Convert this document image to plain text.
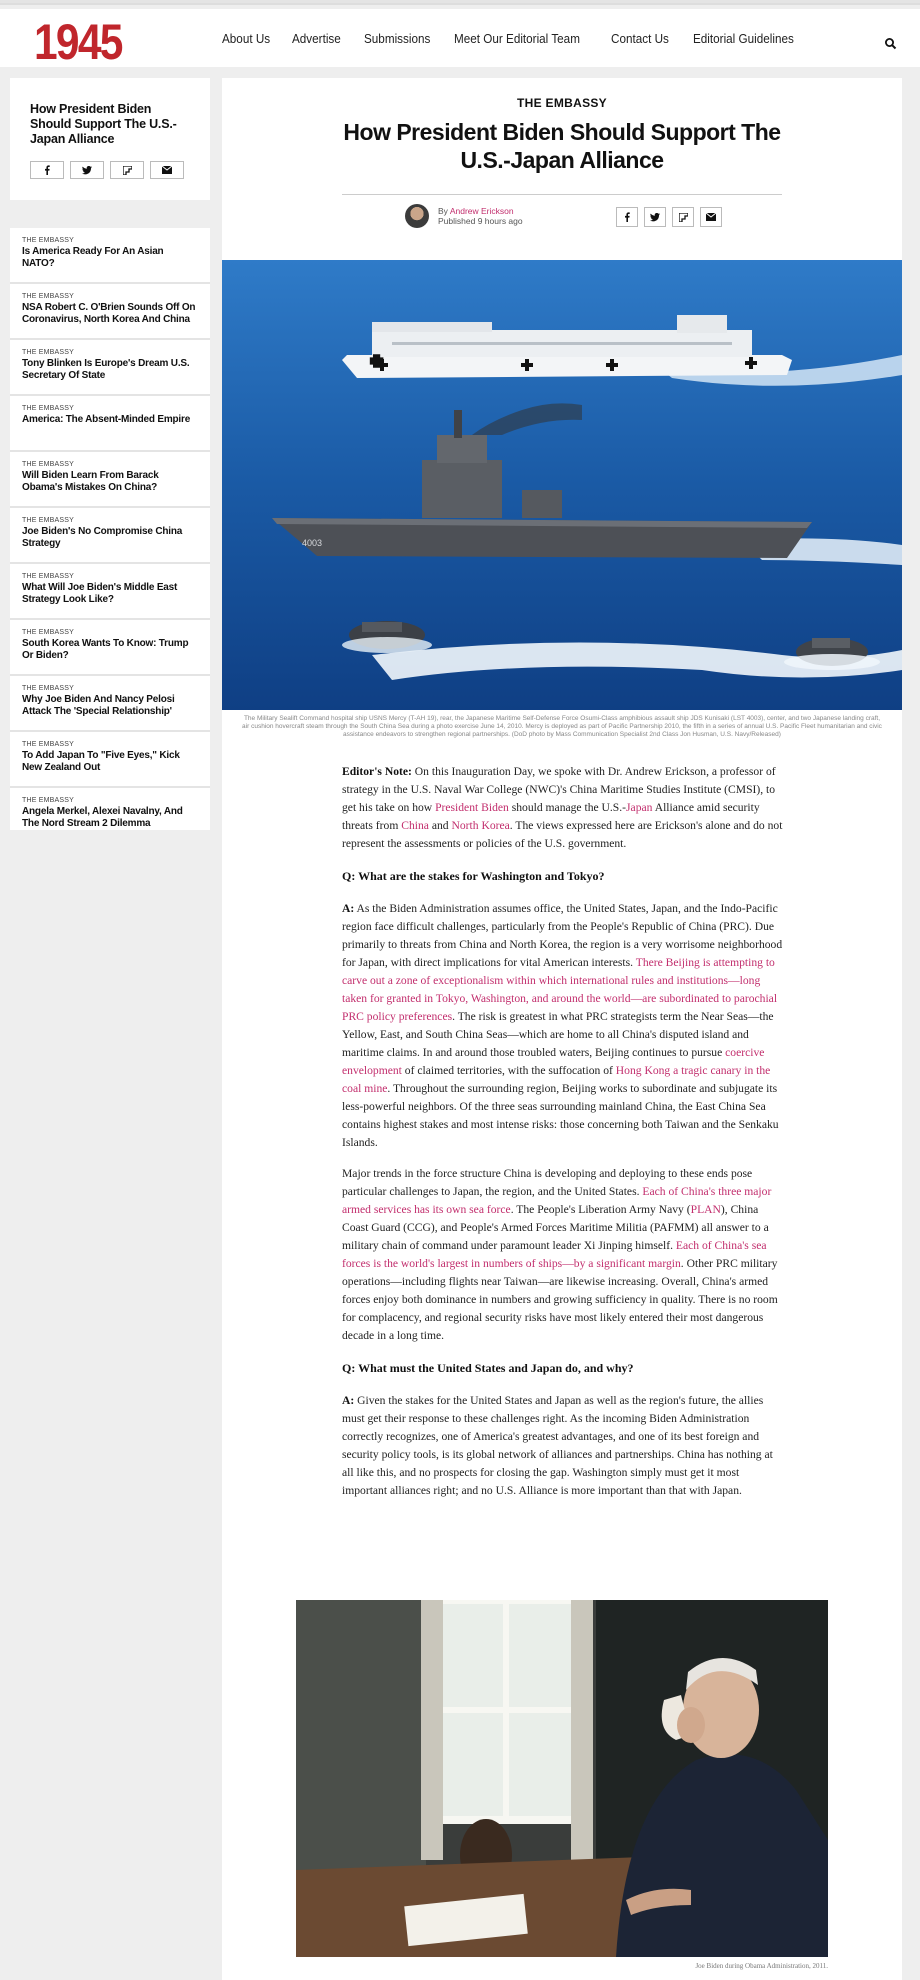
1945	About Us Advertise Submissions Meet Our Editorial Team Contact Us Editorial Guidelines
How President Biden Should Support The U.S.-Japan Alliance
THE EMBASSY
Is America Ready For An Asian NATO?
THE EMBASSY
NSA Robert C. O'Brien Sounds Off On Coronavirus, North Korea And China
THE EMBASSY
Tony Blinken Is Europe's Dream U.S. Secretary Of State
THE EMBASSY
America: The Absent-Minded Empire
THE EMBASSY
Will Biden Learn From Barack Obama's Mistakes On China?
THE EMBASSY
Joe Biden's No Compromise China Strategy
THE EMBASSY
What Will Joe Biden's Middle East Strategy Look Like?
THE EMBASSY
South Korea Wants To Know: Trump Or Biden?
THE EMBASSY
Why Joe Biden And Nancy Pelosi Attack The 'Special Relationship'
THE EMBASSY
To Add Japan To "Five Eyes," Kick New Zealand Out
THE EMBASSY
Angela Merkel, Alexei Navalny, And The Nord Stream 2 Dilemma
THE EMBASSY
How President Biden Should Support The U.S.-Japan Alliance
By Andrew Erickson
Published 9 hours ago
4003
The Military Sealift Command hospital ship USNS Mercy (T-AH 19), rear, the Japanese Maritime Self-Defense Force Osumi-Class amphibious assault ship JDS Kunisaki (LST 4003), center, and two Japanese landing craft, air cushion hovercraft steam through the South China Sea during a photo exercise June 14, 2010. Mercy is deployed as part of Pacific Partnership 2010, the fifth in a series of annual U.S. Pacific Fleet humanitarian and civic assistance endeavors to strengthen regional partnerships. (DoD photo by Mass Communication Specialist 2nd Class Jon Husman, U.S. Navy/Released)

Editor's Note: On this Inauguration Day, we spoke with Dr. Andrew Erickson, a professor of strategy in the U.S. Naval War College (NWC)'s China Maritime Studies Institute (CMSI), to get his take on how President Biden should manage the U.S.-Japan Alliance amid security threats from China and North Korea. The views expressed here are Erickson's alone and do not represent the assessments or policies of the U.S. government.

Q: What are the stakes for Washington and Tokyo?

A: As the Biden Administration assumes office, the United States, Japan, and the Indo-Pacific region face difficult challenges, particularly from the People's Republic of China (PRC). Due primarily to threats from China and North Korea, the region is a very worrisome neighborhood for Japan, with direct implications for vital American interests. There Beijing is attempting to carve out a zone of exceptionalism within which international rules and institutions—long taken for granted in Tokyo, Washington, and around the world—are subordinated to parochial PRC policy preferences. The risk is greatest in what PRC strategists term the Near Seas—the Yellow, East, and South China Seas—which are home to all China's disputed island and maritime claims. In and around those troubled waters, Beijing continues to pursue coercive envelopment of claimed territories, with the suffocation of Hong Kong a tragic canary in the coal mine. Throughout the surrounding region, Beijing works to subordinate and subjugate its less-powerful neighbors. Of the three seas surrounding mainland China, the East China Sea contains highest stakes and most intense risks: those concerning both Taiwan and the Senkaku Islands.

Major trends in the force structure China is developing and deploying to these ends pose particular challenges to Japan, the region, and the United States. Each of China's three major armed services has its own sea force. The People's Liberation Army Navy (PLAN), China Coast Guard (CCG), and People's Armed Forces Maritime Militia (PAFMM) all answer to a military chain of command under paramount leader Xi Jinping himself. Each of China's sea forces is the world's largest in numbers of ships—by a significant margin. Other PRC military operations—including flights near Taiwan—are likewise increasing. Overall, China's armed forces enjoy both dominance in numbers and growing sufficiency in quality. There is no room for complacency, and regional security risks have most likely entered their most dangerous decade in a long time.

Q: What must the United States and Japan do, and why?

A: Given the stakes for the United States and Japan as well as the region's future, the allies must get their response to these challenges right. As the incoming Biden Administration correctly recognizes, one of America's greatest advantages, and one of its best foreign and security policy tools, is its global network of alliances and partnerships. China has nothing at all like this, and no prospects for closing the gap. Washington simply must get it most important alliances right; and no U.S. Alliance is more important than that with Japan.

Joe Biden during Obama Administration, 2011.
